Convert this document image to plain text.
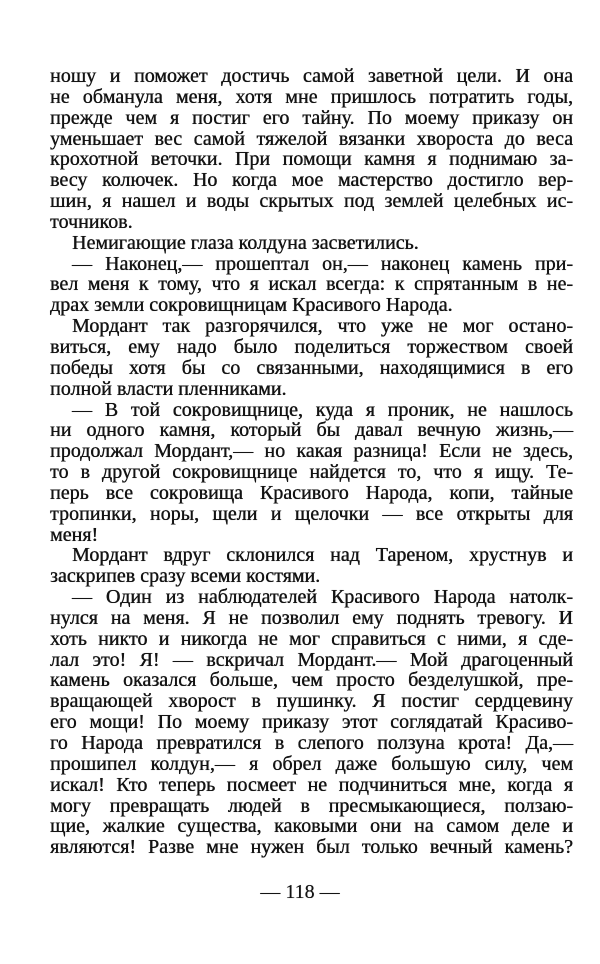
ношу и поможет достичь самой заветной цели. И она
не обманула меня, хотя мне пришлось потратить годы,
прежде чем я постиг его тайну. По моему приказу он
уменьшает вес самой тяжелой вязанки хвороста до веса
крохотной веточки. При помощи камня я поднимаю за-
весу колючек. Но когда мое мастерство достигло вер-
шин, я нашел и воды скрытых под землей целебных ис-
точников.
Немигающие глаза колдуна засветились.
— Наконец,— прошептал он,— наконец камень при-
вел меня к тому, что я искал всегда: к спрятанным в не-
драх земли сокровищницам Красивого Народа.
Мордант так разгорячился, что уже не мог остано-
виться, ему надо было поделиться торжеством своей
победы хотя бы со связанными, находящимися в его
полной власти пленниками.
— В той сокровищнице, куда я проник, не нашлось
ни одного камня, который бы давал вечную жизнь,—
продолжал Мордант,— но какая разница! Если не здесь,
то в другой сокровищнице найдется то, что я ищу. Те-
перь все сокровища Красивого Народа, копи, тайные
тропинки, норы, щели и щелочки — все открыты для
меня!
Мордант вдруг склонился над Тареном, хрустнув и
заскрипев сразу всеми костями.
— Один из наблюдателей Красивого Народа натолк-
нулся на меня. Я не позволил ему поднять тревогу. И
хоть никто и никогда не мог справиться с ними, я сде-
лал это! Я! — вскричал Мордант.— Мой драгоценный
камень оказался больше, чем просто безделушкой, пре-
вращающей хворост в пушинку. Я постиг сердцевину
его мощи! По моему приказу этот соглядатай Красиво-
го Народа превратился в слепого ползуна крота! Да,—
прошипел колдун,— я обрел даже большую силу, чем
искал! Кто теперь посмеет не подчиниться мне, когда я
могу превращать людей в пресмыкающиеся, ползаю-
щие, жалкие существа, каковыми они на самом деле и
являются! Разве мне нужен был только вечный камень?
— 118 —
